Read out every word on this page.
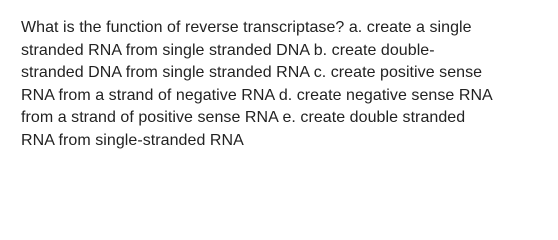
What is the function of reverse transcriptase? a. create a single
stranded RNA from single stranded DNA b. create double-
stranded DNA from single stranded RNA c. create positive sense
RNA from a strand of negative RNA d. create negative sense RNA
from a strand of positive sense RNA e. create double stranded
RNA from single-stranded RNA
